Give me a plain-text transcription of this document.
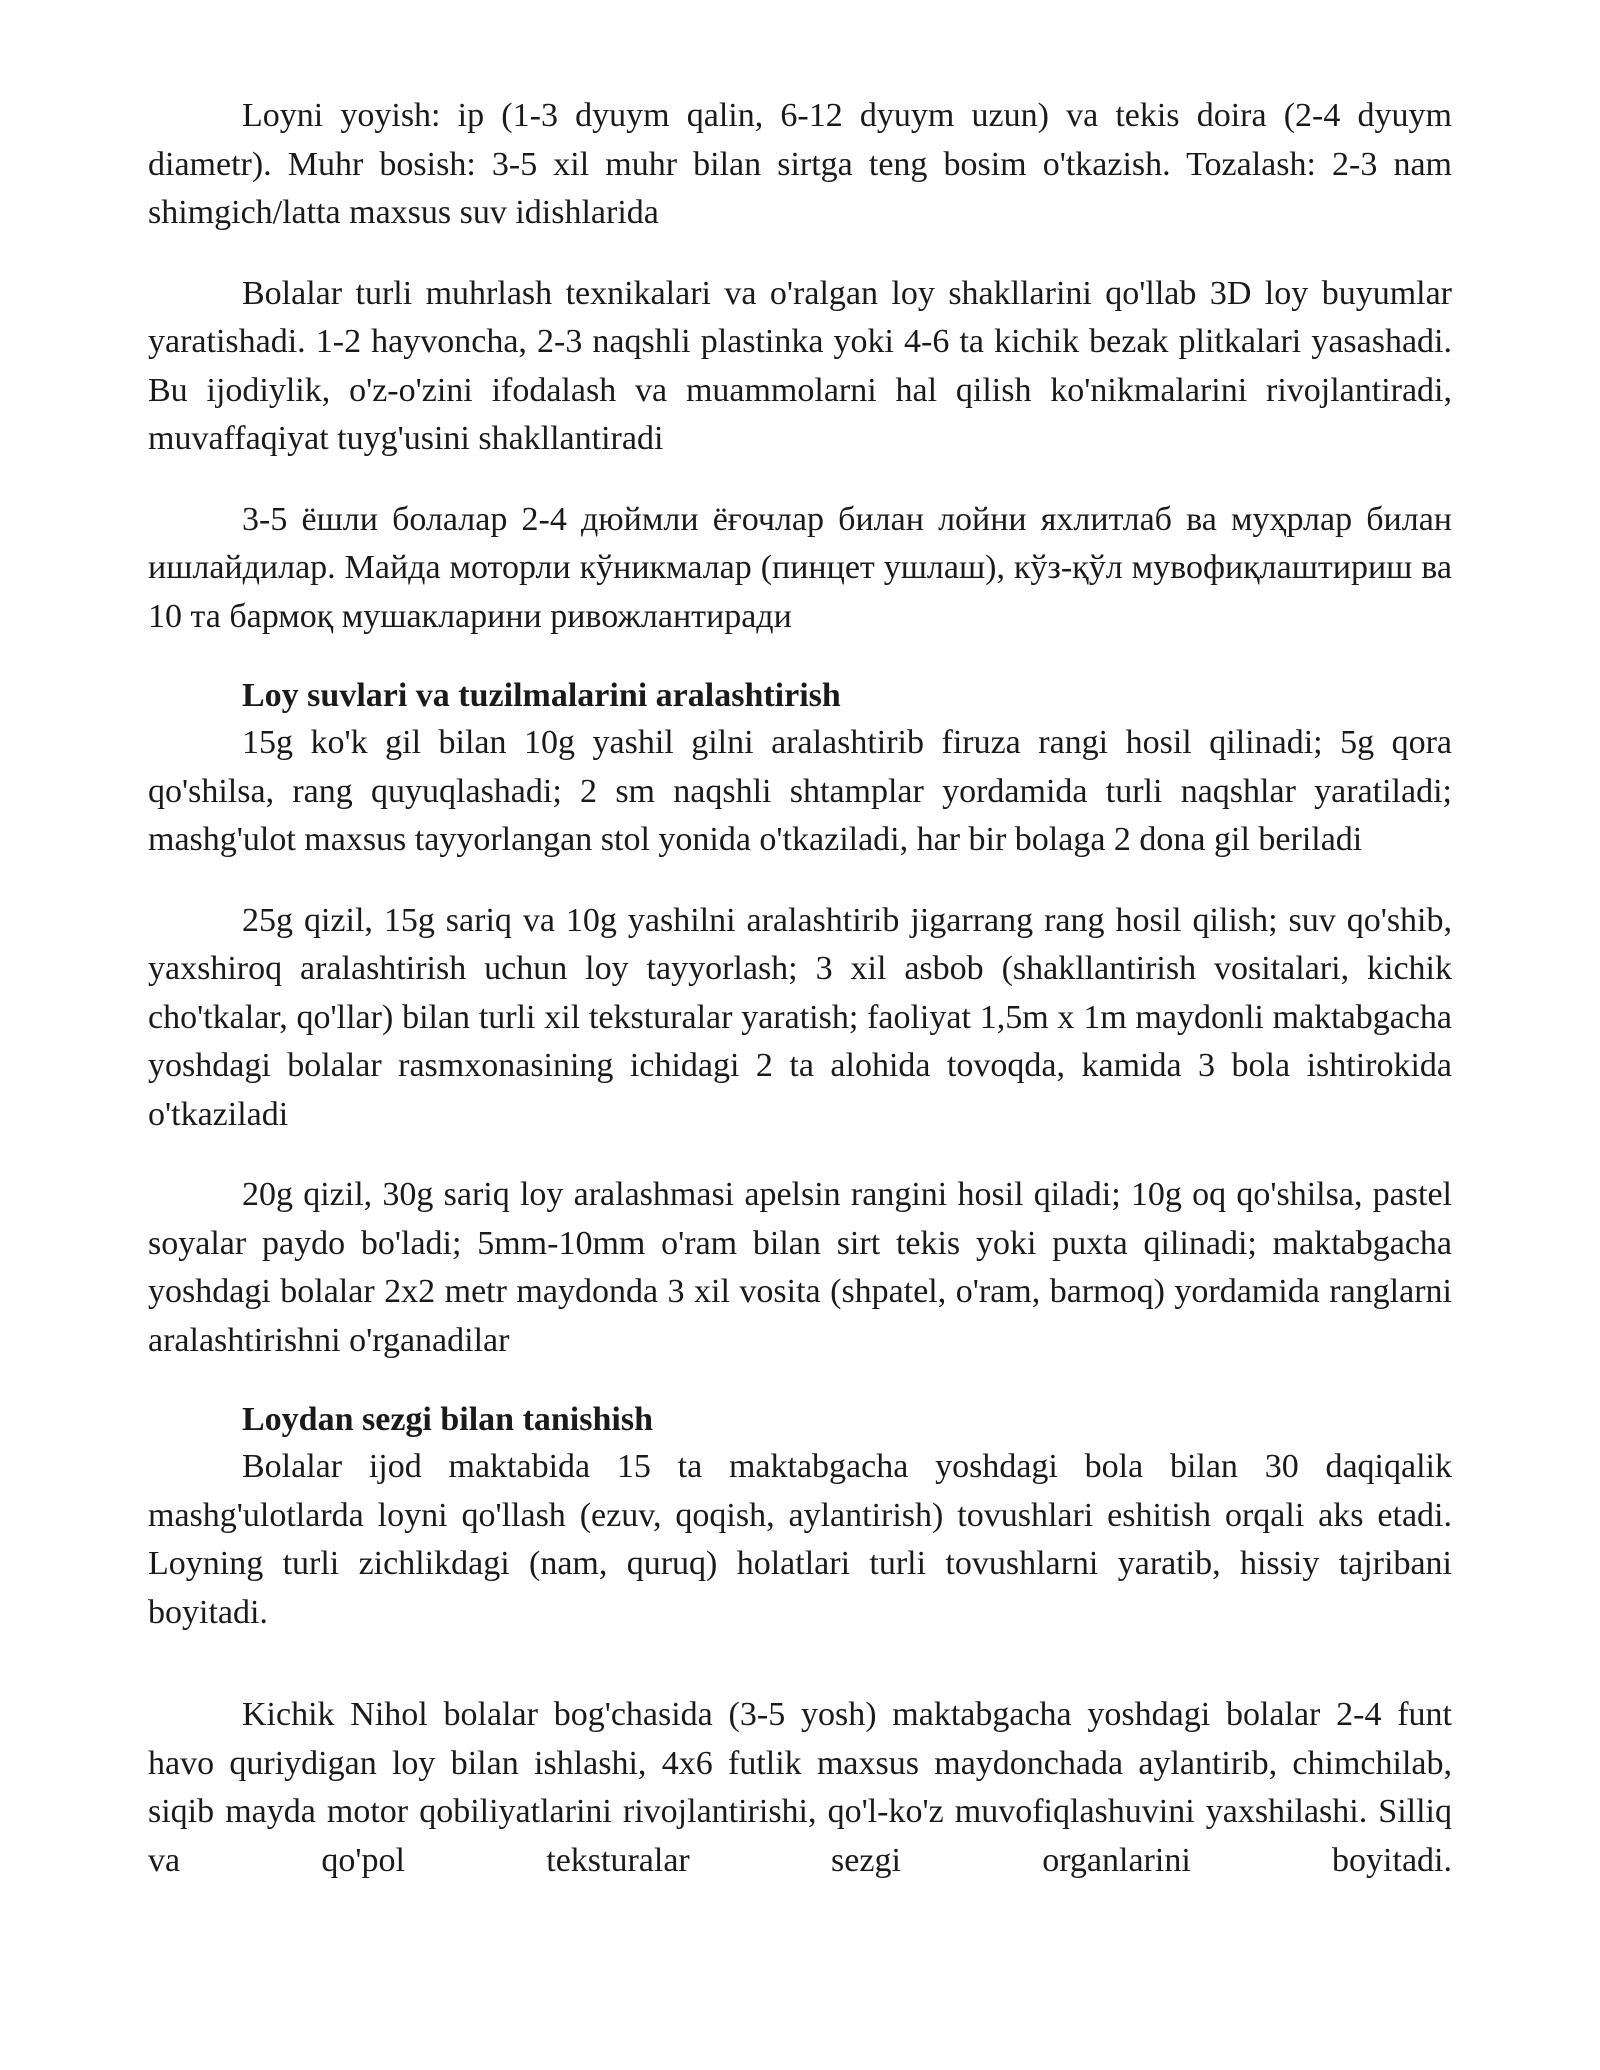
Loyni yoyish: ip (1-3 dyuym qalin, 6-12 dyuym uzun) va tekis doira (2-4 dyuym diametr). Muhr bosish: 3-5 xil muhr bilan sirtga teng bosim o'tkazish. Tozalash: 2-3 nam shimgich/latta maxsus suv idishlarida

Bolalar turli muhrlash texnikalari va o'ralgan loy shakllarini qo'llab 3D loy buyumlar yaratishadi. 1-2 hayvoncha, 2-3 naqshli plastinka yoki 4-6 ta kichik bezak plitkalari yasashadi. Bu ijodiylik, o'z-o'zini ifodalash va muammolarni hal qilish ko'nikmalarini rivojlantiradi, muvaffaqiyat tuyg'usini shakllantiradi

3-5 ёшли болалар 2-4 дюймли ёғочлар билан лойни яхлитлаб ва муҳрлар билан ишлайдилар. Майда моторли кўникмалар (пинцет ушлаш), кўз-қўл мувофиқлаштириш ва 10 та бармоқ мушакларини ривожлантиради

Loy suvlari va tuzilmalarini aralashtirish

15g ko'k gil bilan 10g yashil gilni aralashtirib firuza rangi hosil qilinadi; 5g qora qo'shilsa, rang quyuqlashadi; 2 sm naqshli shtamplar yordamida turli naqshlar yaratiladi; mashg'ulot maxsus tayyorlangan stol yonida o'tkaziladi, har bir bolaga 2 dona gil beriladi

25g qizil, 15g sariq va 10g yashilni aralashtirib jigarrang rang hosil qilish; suv qo'shib, yaxshiroq aralashtirish uchun loy tayyorlash; 3 xil asbob (shakllantirish vositalari, kichik cho'tkalar, qo'llar) bilan turli xil teksturalar yaratish; faoliyat 1,5m x 1m maydonli maktabgacha yoshdagi bolalar rasmxonasining ichidagi 2 ta alohida tovoqda, kamida 3 bola ishtirokida o'tkaziladi

20g qizil, 30g sariq loy aralashmasi apelsin rangini hosil qiladi; 10g oq qo'shilsa, pastel soyalar paydo bo'ladi; 5mm-10mm o'ram bilan sirt tekis yoki puxta qilinadi; maktabgacha yoshdagi bolalar 2x2 metr maydonda 3 xil vosita (shpatel, o'ram, barmoq) yordamida ranglarni aralashtirishni o'rganadilar

Loydan sezgi bilan tanishish

Bolalar ijod maktabida 15 ta maktabgacha yoshdagi bola bilan 30 daqiqalik mashg'ulotlarda loyni qo'llash (ezuv, qoqish, aylantirish) tovushlari eshitish orqali aks etadi. Loyning turli zichlikdagi (nam, quruq) holatlari turli tovushlarni yaratib, hissiy tajribani boyitadi.

Kichik Nihol bolalar bog'chasida (3-5 yosh) maktabgacha yoshdagi bolalar 2-4 funt havo quriydigan loy bilan ishlashi, 4x6 futlik maxsus maydonchada aylantirib, chimchilab, siqib mayda motor qobiliyatlarini rivojlantirishi, qo'l-ko'z muvofiqlashuvini yaxshilashi. Silliq va qo'pol teksturalar sezgi organlarini boyitadi.
